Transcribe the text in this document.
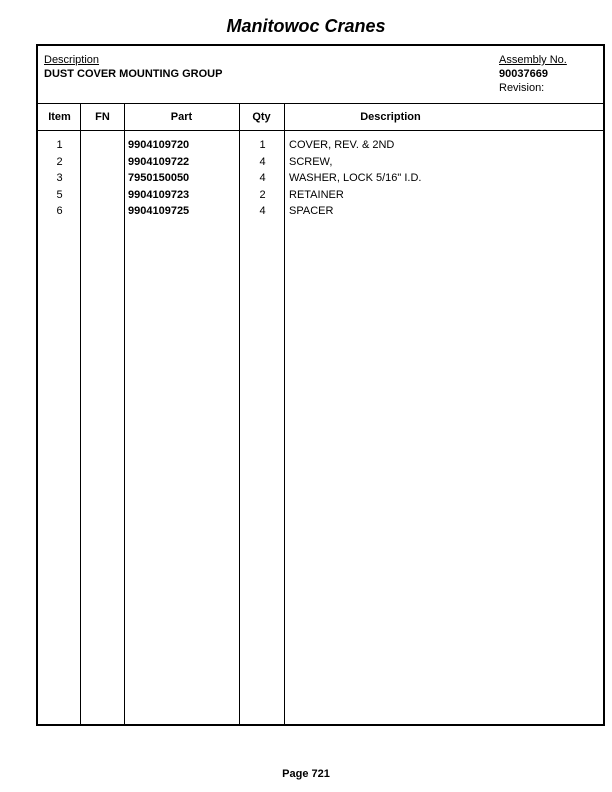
Manitowoc Cranes
Description
DUST COVER MOUNTING GROUP
Assembly No.
90037669
Revision:
Item	FN	Part	Qty	Description
1	9904109720	1	COVER, REV. & 2ND
2	9904109722	4	SCREW,
3	7950150050	4	WASHER, LOCK 5/16" I.D.
5	9904109723	2	RETAINER
6	9904109725	4	SPACER
Page 721
